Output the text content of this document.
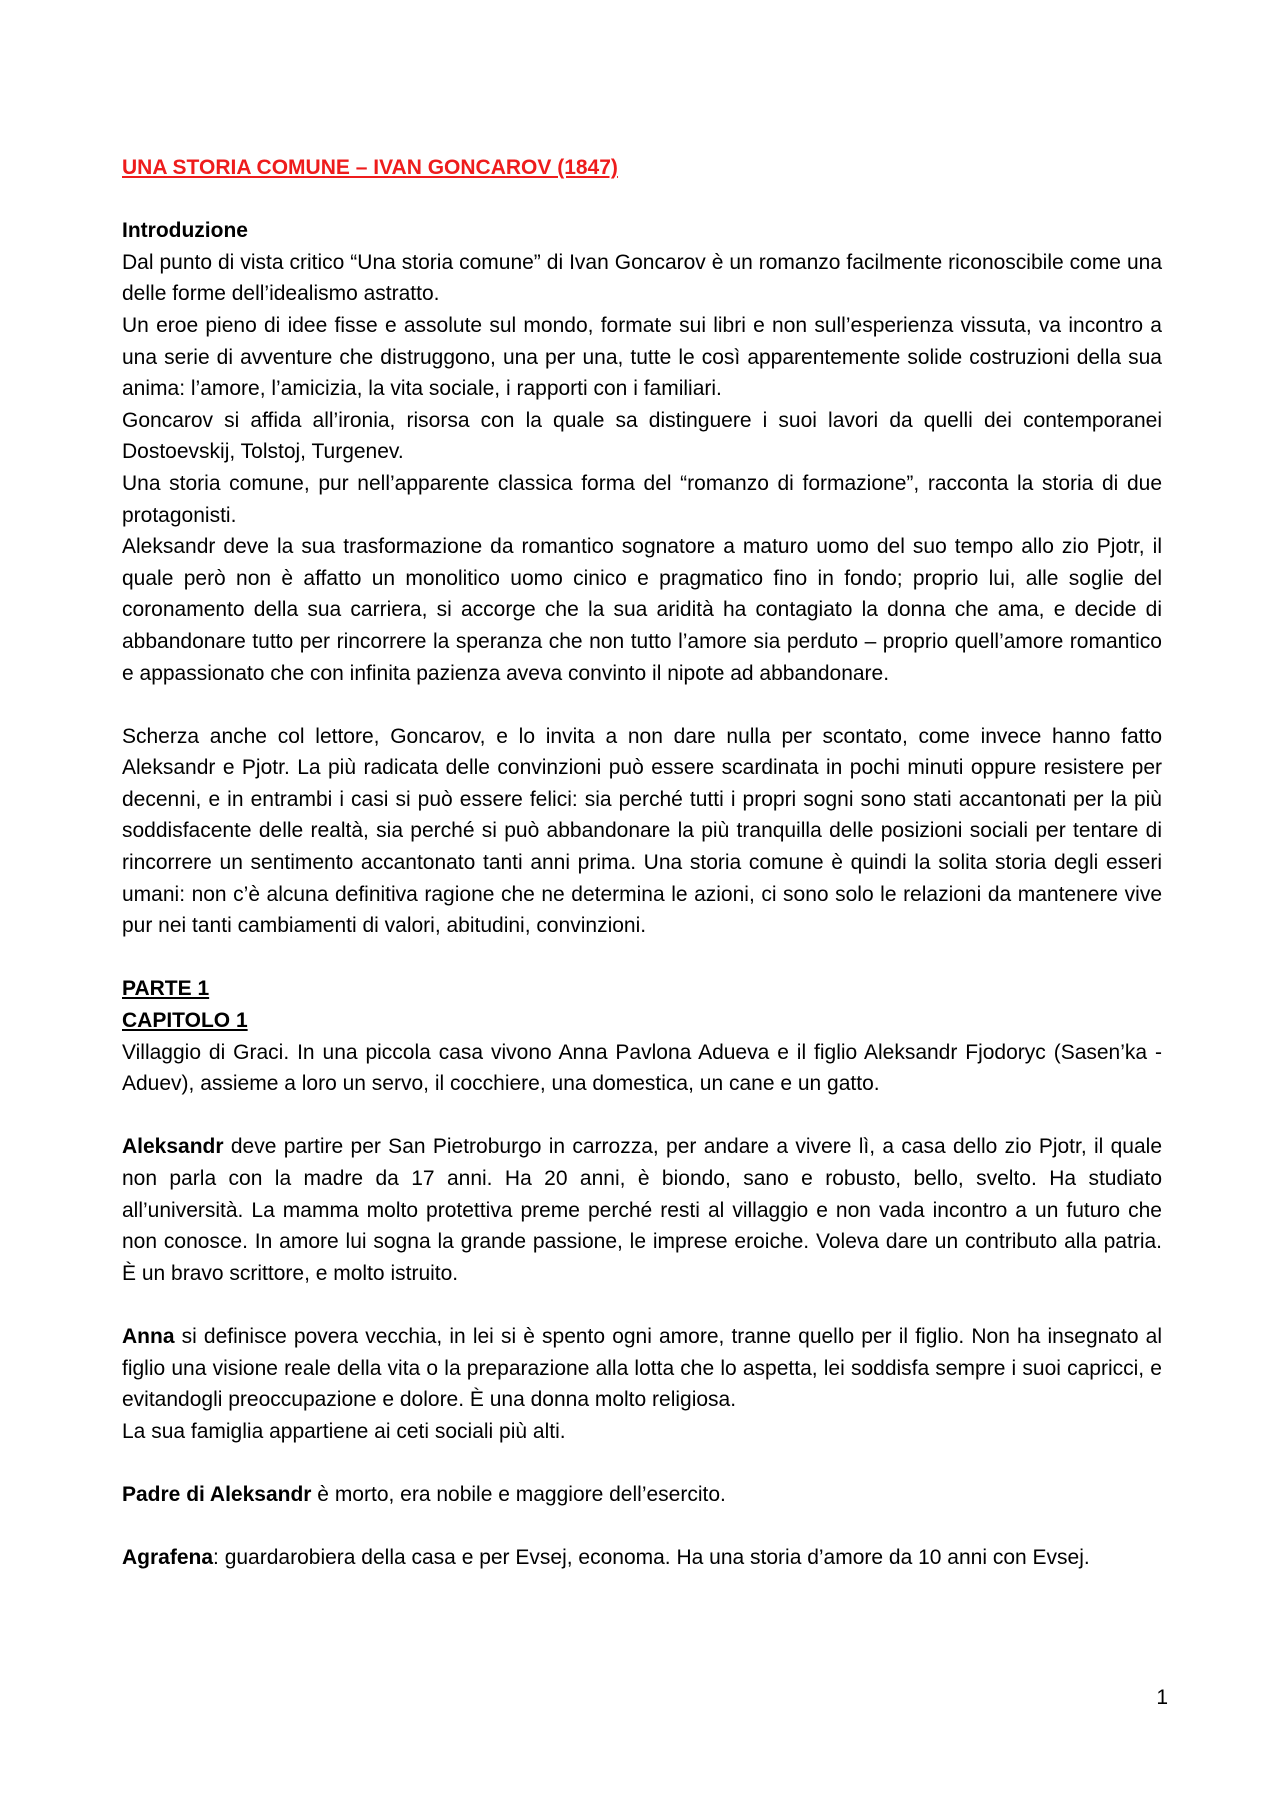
UNA STORIA COMUNE – IVAN GONCAROV (1847)

Introduzione

Dal punto di vista critico “Una storia comune” di Ivan Goncarov è un romanzo facilmente riconoscibile come una delle forme dell’idealismo astratto.

Un eroe pieno di idee fisse e assolute sul mondo, formate sui libri e non sull’esperienza vissuta, va incontro a una serie di avventure che distruggono, una per una, tutte le così apparentemente solide costruzioni della sua anima: l’amore, l’amicizia, la vita sociale, i rapporti con i familiari.

Goncarov si affida all’ironia, risorsa con la quale sa distinguere i suoi lavori da quelli dei contemporanei Dostoevskij, Tolstoj, Turgenev.

Una storia comune, pur nell’apparente classica forma del “romanzo di formazione”, racconta la storia di due protagonisti.

Aleksandr deve la sua trasformazione da romantico sognatore a maturo uomo del suo tempo allo zio Pjotr, il quale però non è affatto un monolitico uomo cinico e pragmatico fino in fondo; proprio lui, alle soglie del coronamento della sua carriera, si accorge che la sua aridità ha contagiato la donna che ama, e decide di abbandonare tutto per rincorrere la speranza che non tutto l’amore sia perduto – proprio quell’amore romantico e appassionato che con infinita pazienza aveva convinto il nipote ad abbandonare.

Scherza anche col lettore, Goncarov, e lo invita a non dare nulla per scontato, come invece hanno fatto Aleksandr e Pjotr. La più radicata delle convinzioni può essere scardinata in pochi minuti oppure resistere per decenni, e in entrambi i casi si può essere felici: sia perché tutti i propri sogni sono stati accantonati per la più soddisfacente delle realtà, sia perché si può abbandonare la più tranquilla delle posizioni sociali per tentare di rincorrere un sentimento accantonato tanti anni prima. Una storia comune è quindi la solita storia degli esseri umani: non c’è alcuna definitiva ragione che ne determina le azioni, ci sono solo le relazioni da mantenere vive pur nei tanti cambiamenti di valori, abitudini, convinzioni.

PARTE 1

CAPITOLO 1

Villaggio di Graci. In una piccola casa vivono Anna Pavlona Adueva e il figlio Aleksandr Fjodoryc (Sasen’ka - Aduev), assieme a loro un servo, il cocchiere, una domestica, un cane e un gatto.

Aleksandr deve partire per San Pietroburgo in carrozza, per andare a vivere lì, a casa dello zio Pjotr, il quale non parla con la madre da 17 anni. Ha 20 anni, è biondo, sano e robusto, bello, svelto. Ha studiato all’università. La mamma molto protettiva preme perché resti al villaggio e non vada incontro a un futuro che non conosce. In amore lui sogna la grande passione, le imprese eroiche. Voleva dare un contributo alla patria. È un bravo scrittore, e molto istruito.

Anna si definisce povera vecchia, in lei si è spento ogni amore, tranne quello per il figlio. Non ha insegnato al figlio una visione reale della vita o la preparazione alla lotta che lo aspetta, lei soddisfa sempre i suoi capricci, e evitandogli preoccupazione e dolore. È una donna molto religiosa.

La sua famiglia appartiene ai ceti sociali più alti.

Padre di Aleksandr è morto, era nobile e maggiore dell’esercito.

Agrafena: guardarobiera della casa e per Evsej, economa. Ha una storia d’amore da 10 anni con Evsej.

1
